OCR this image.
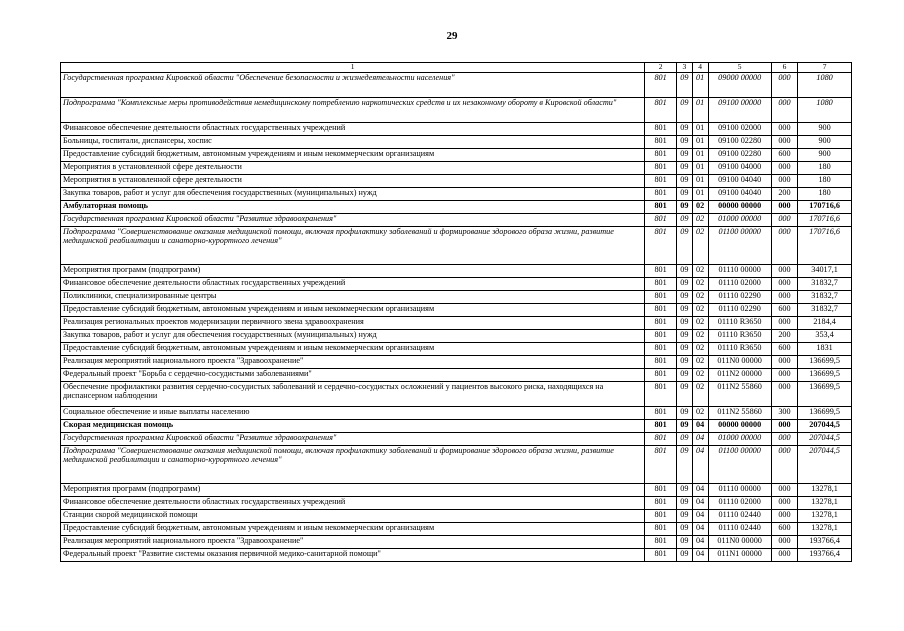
29
1	2	3	4	5	6	7
Государственная программа Кировской области "Обеспечение безопасности и жизнедеятельности населения"	801	09	01	09000 00000	000	1080
Подпрограмма "Комплексные меры противодействия немедицинскому потреблению наркотических средств и их незаконному обороту в Кировской области"	801	09	01	09100 00000	000	1080
Финансовое обеспечение деятельности областных государственных учреждений	801	09	01	09100 02000	000	900
Больницы, госпитали, диспансеры, хоспис	801	09	01	09100 02280	000	900
Предоставление субсидий бюджетным, автономным учреждениям и иным некоммерческим организациям	801	09	01	09100 02280	600	900
Мероприятия в установленной сфере деятельности	801	09	01	09100 04000	000	180
Мероприятия в установленной сфере деятельности	801	09	01	09100 04040	000	180
Закупка товаров, работ и услуг для обеспечения государственных (муниципальных) нужд	801	09	01	09100 04040	200	180
Амбулаторная помощь	801	09	02	00000 00000	000	170716,6
Государственная программа Кировской области "Развитие здравоохранения"	801	09	02	01000 00000	000	170716,6
Подпрограмма "Совершенствование оказания медицинской помощи, включая профилактику заболеваний и формирование здорового образа жизни, развитие медицинской реабилитации и санаторно-курортного лечения"	801	09	02	01100 00000	000	170716,6
Мероприятия программ (подпрограмм)	801	09	02	01110 00000	000	34017,1
Финансовое обеспечение деятельности областных государственных учреждений	801	09	02	01110 02000	000	31832,7
Поликлиники, специализированные центры	801	09	02	01110 02290	000	31832,7
Предоставление субсидий бюджетным, автономным учреждениям и иным некоммерческим организациям	801	09	02	01110 02290	600	31832,7
Реализация региональных проектов модернизации первичного звена здравоохранения	801	09	02	01110 R3650	000	2184,4
Закупка товаров, работ и услуг для обеспечения государственных (муниципальных) нужд	801	09	02	01110 R3650	200	353,4
Предоставление субсидий бюджетным, автономным учреждениям и иным некоммерческим организациям	801	09	02	01110 R3650	600	1831
Реализация мероприятий национального проекта "Здравоохранение"	801	09	02	011N0 00000	000	136699,5
Федеральный проект "Борьба с сердечно-сосудистыми заболеваниями"	801	09	02	011N2 00000	000	136699,5
Обеспечение профилактики развития сердечно-сосудистых заболеваний и сердечно-сосудистых осложнений у пациентов высокого риска, находящихся на диспансерном наблюдении	801	09	02	011N2 55860	000	136699,5
Социальное обеспечение и иные выплаты населению	801	09	02	011N2 55860	300	136699,5
Скорая медицинская помощь	801	09	04	00000 00000	000	207044,5
Государственная программа Кировской области "Развитие здравоохранения"	801	09	04	01000 00000	000	207044,5
Подпрограмма "Совершенствование оказания медицинской помощи, включая профилактику заболеваний и формирование здорового образа жизни, развитие медицинской реабилитации и санаторно-курортного лечения"	801	09	04	01100 00000	000	207044,5
Мероприятия программ (подпрограмм)	801	09	04	01110 00000	000	13278,1
Финансовое обеспечение деятельности областных государственных учреждений	801	09	04	01110 02000	000	13278,1
Станции скорой медицинской помощи	801	09	04	01110 02440	000	13278,1
Предоставление субсидий бюджетным, автономным учреждениям и иным некоммерческим организациям	801	09	04	01110 02440	600	13278,1
Реализация мероприятий национального проекта "Здравоохранение"	801	09	04	011N0 00000	000	193766,4
Федеральный проект "Развитие системы оказания первичной медико-санитарной помощи"	801	09	04	011N1 00000	000	193766,4
